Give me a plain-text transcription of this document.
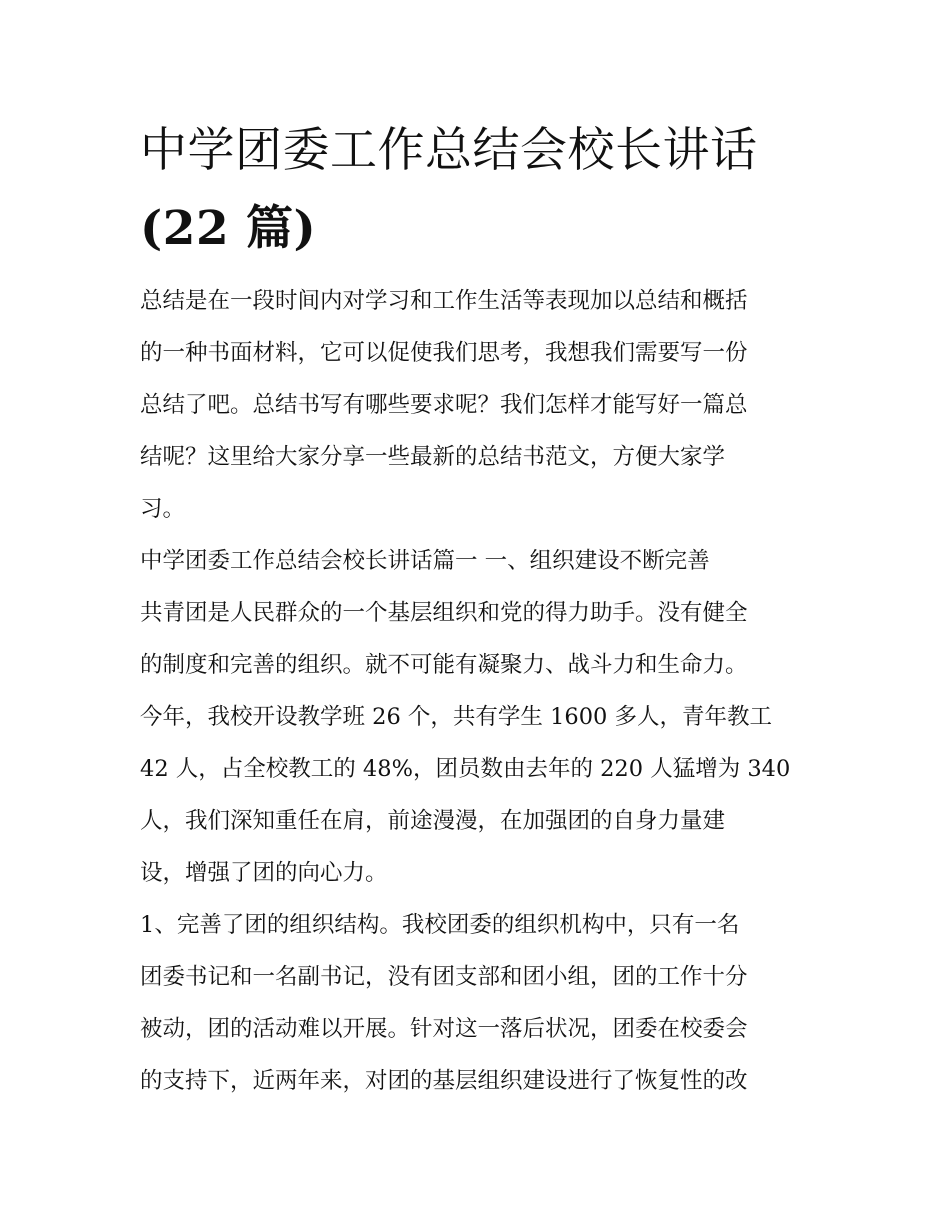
中学团委工作总结会校长讲话
(22 篇)

总结是在一段时间内对学习和工作生活等表现加以总结和概括
的一种书面材料，它可以促使我们思考，我想我们需要写一份
总结了吧。总结书写有哪些要求呢？我们怎样才能写好一篇总
结呢？这里给大家分享一些最新的总结书范文，方便大家学
习。

中学团委工作总结会校长讲话篇一 一、组织建设不断完善

共青团是人民群众的一个基层组织和党的得力助手。没有健全
的制度和完善的组织。就不可能有凝聚力、战斗力和生命力。
今年，我校开设教学班 26 个，共有学生 1600 多人，青年教工
42 人，占全校教工的 48%，团员数由去年的 220 人猛增为 340
人，我们深知重任在肩，前途漫漫，在加强团的自身力量建
设，增强了团的向心力。

1、完善了团的组织结构。我校团委的组织机构中，只有一名
团委书记和一名副书记，没有团支部和团小组，团的工作十分
被动，团的活动难以开展。针对这一落后状况，团委在校委会
的支持下，近两年来，对团的基层组织建设进行了恢复性的改
